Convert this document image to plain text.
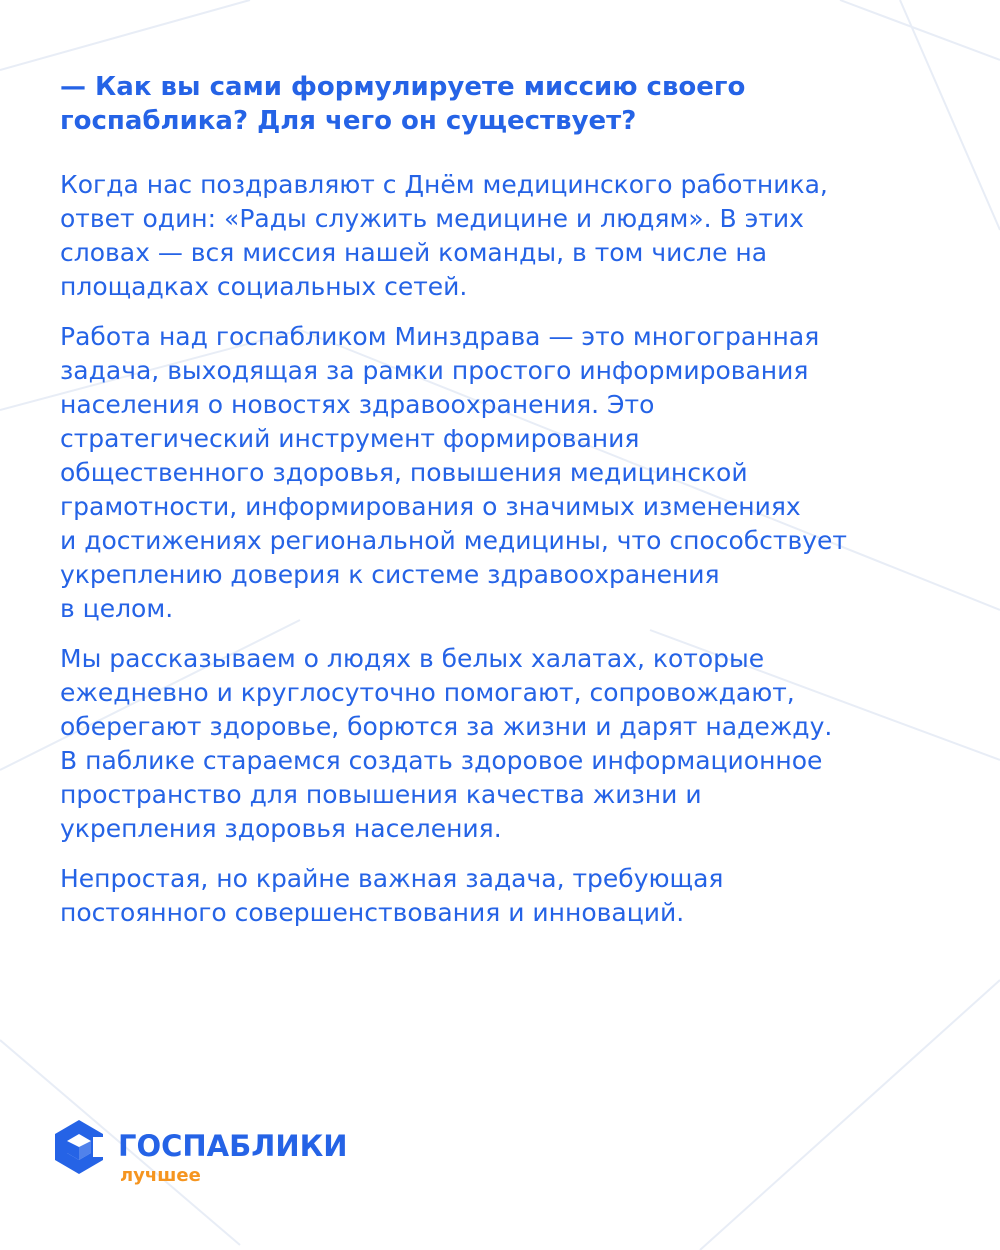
— Как вы сами формулируете миссию своего
госпаблика? Для чего он существует?

Когда нас поздравляют с Днём медицинского работника,
ответ один: «Рады служить медицине и людям». В этих
словах — вся миссия нашей команды, в том числе на
площадках социальных сетей.

Работа над госпабликом Минздрава — это многогранная
задача, выходящая за рамки простого информирования
населения о новостях здравоохранения. Это
стратегический инструмент формирования
общественного здоровья, повышения медицинской
грамотности, информирования о значимых изменениях
и достижениях региональной медицины, что способствует
укреплению доверия к системе здравоохранения
в целом.

Мы рассказываем о людях в белых халатах, которые
ежедневно и круглосуточно помогают, сопровождают,
оберегают здоровье, борются за жизни и дарят надежду.
В паблике стараемся создать здоровое информационное
пространство для повышения качества жизни и
укрепления здоровья населения.

Непростая, но крайне важная задача, требующая
постоянного совершенствования и инноваций.

ГОСПАБЛИКИ
лучшее
